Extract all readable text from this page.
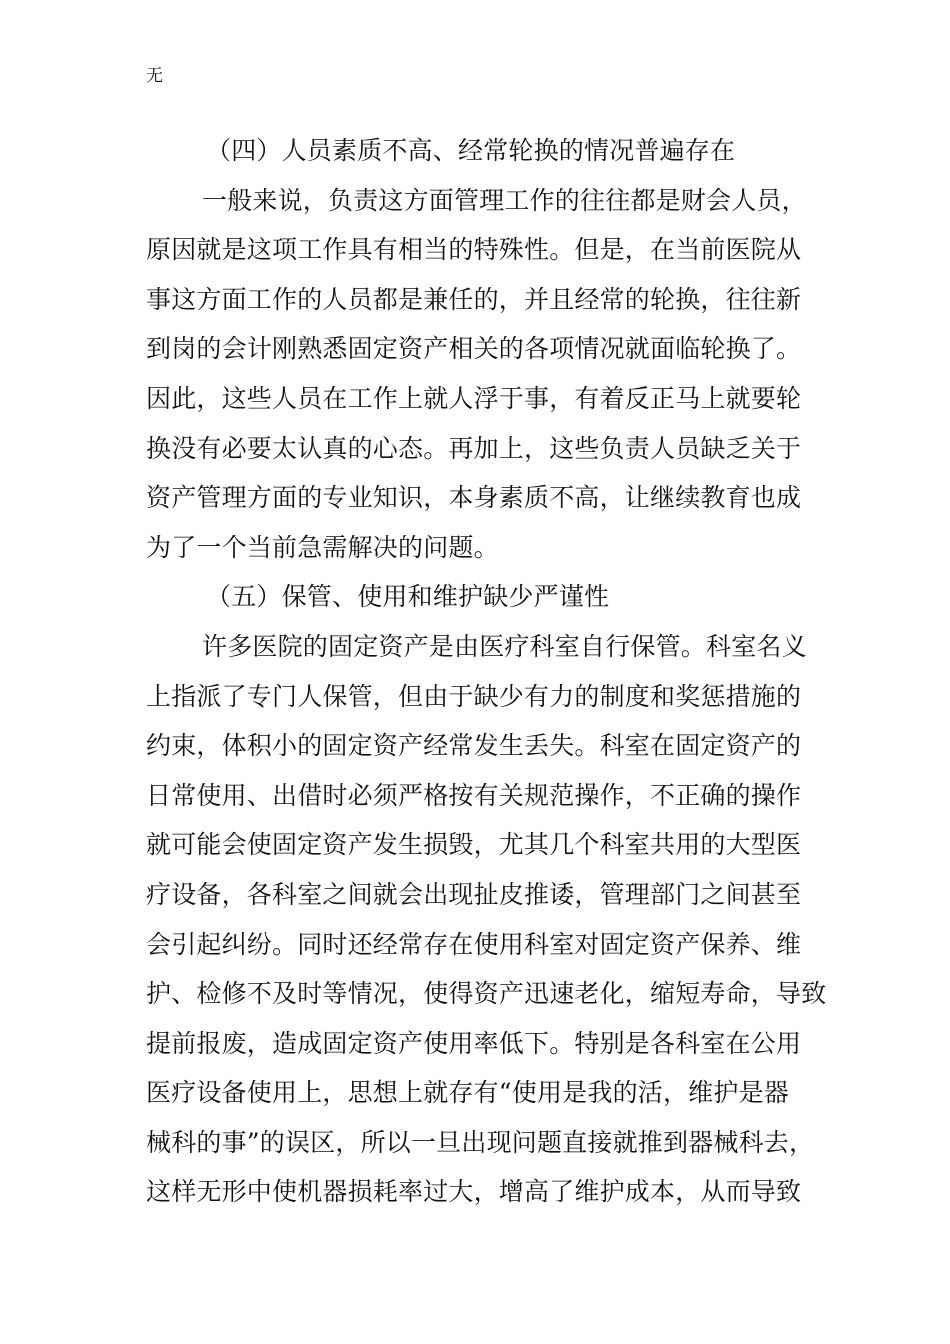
无

（四）人员素质不高、经常轮换的情况普遍存在

一般来说，负责这方面管理工作的往往都是财会人员，

原因就是这项工作具有相当的特殊性。但是，在当前医院从

事这方面工作的人员都是兼任的，并且经常的轮换，往往新

到岗的会计刚熟悉固定资产相关的各项情况就面临轮换了。

因此，这些人员在工作上就人浮于事，有着反正马上就要轮

换没有必要太认真的心态。再加上，这些负责人员缺乏关于

资产管理方面的专业知识，本身素质不高，让继续教育也成

为了一个当前急需解决的问题。

（五）保管、使用和维护缺少严谨性

许多医院的固定资产是由医疗科室自行保管。科室名义

上指派了专门人保管，但由于缺少有力的制度和奖惩措施的

约束，体积小的固定资产经常发生丢失。科室在固定资产的

日常使用、出借时必须严格按有关规范操作，不正确的操作

就可能会使固定资产发生损毁，尤其几个科室共用的大型医

疗设备，各科室之间就会出现扯皮推诿，管理部门之间甚至

会引起纠纷。同时还经常存在使用科室对固定资产保养、维

护、检修不及时等情况，使得资产迅速老化，缩短寿命，导致

提前报废，造成固定资产使用率低下。特别是各科室在公用

医疗设备使用上，思想上就存有“使用是我的活，维护是器

械科的事”的误区，所以一旦出现问题直接就推到器械科去，

这样无形中使机器损耗率过大，增高了维护成本，从而导致
